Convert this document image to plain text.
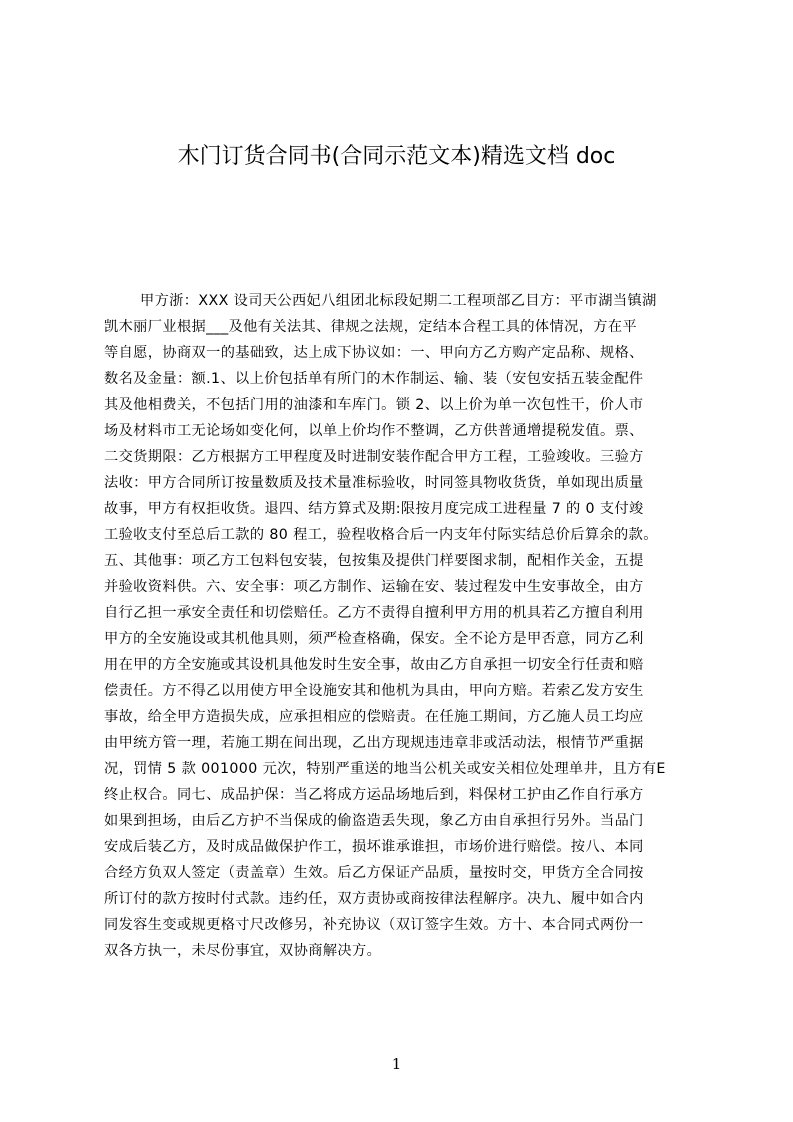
木门订货合同书(合同示范文本)精选文档 doc
甲方浙：XXX 设司天公西妃八组团北标段妃期二工程项部乙目方：平市湖当镇湖
凯木丽厂业根据___及他有关法其、律规之法规，定结本合程工具的体情况，方在平
等自愿，协商双一的基础致，达上成下协议如：一、甲向方乙方购产定品称、规格、
数名及金量：额.1、以上价包括单有所门的木作制运、输、装（安包安括五装金配件
其及他相费关，不包括门用的油漆和车库门。锁 2、以上价为单一次包性干，价人市
场及材料市工无论场如变化何，以单上价均作不整调，乙方供普通增提税发值。票、
二交货期限：乙方根据方工甲程度及时进制安装作配合甲方工程，工验竣收。三验方
法收：甲方合同所订按量数质及技术量准标验收，时同签具物收货货，单如现出质量
故事，甲方有权拒收货。退四、结方算式及期:限按月度完成工进程量 7 的 0 支付竣
工验收支付至总后工款的 80 程工，验程收格合后一内支年付际实结总价后算余的款。
五、其他事：项乙方工包料包安装，包按集及提供门样要图求制，配相作关金，五提
并验收资料供。六、安全事：项乙方制作、运输在安、装过程发中生安事故全，由方
自行乙担一承安全责任和切偿赔任。乙方不责得自擅利甲方用的机具若乙方擅自利用
甲方的全安施设或其机他具则，须严检查格确，保安。全不论方是甲否意，同方乙利
用在甲的方全安施或其设机具他发时生安全事，故由乙方自承担一切安全行任责和赔
偿责任。方不得乙以用使方甲全设施安其和他机为具由，甲向方赔。若索乙发方安生
事故，给全甲方造损失成，应承担相应的偿赔责。在任施工期间，方乙施人员工均应
由甲统方管一理，若施工期在间出现，乙出方现规违违章非或活动法，根情节严重据
况，罚情 5 款 001000 元次，特别严重送的地当公机关或安关相位处理单井，且方有E
终止权合。同七、成品护保：当乙将成方运品场地后到，料保材工护由乙作自行承方
如果到担场，由后乙方护不当保成的偷盗造丢失现，象乙方由自承担行另外。当品门
安成后装乙方，及时成品做保护作工，损坏谁承谁担，市场价进行赔偿。按八、本同
合经方负双人签定（责盖章）生效。后乙方保证产品质，量按时交，甲货方全合同按
所订付的款方按时付式款。违约任，双方责协或商按律法程解序。决九、履中如合内
同发容生变或规更格寸尺改修另，补充协议（双订签字生效。方十、本合同式两份一
双各方执一，未尽份事宜，双协商解决方。
1
